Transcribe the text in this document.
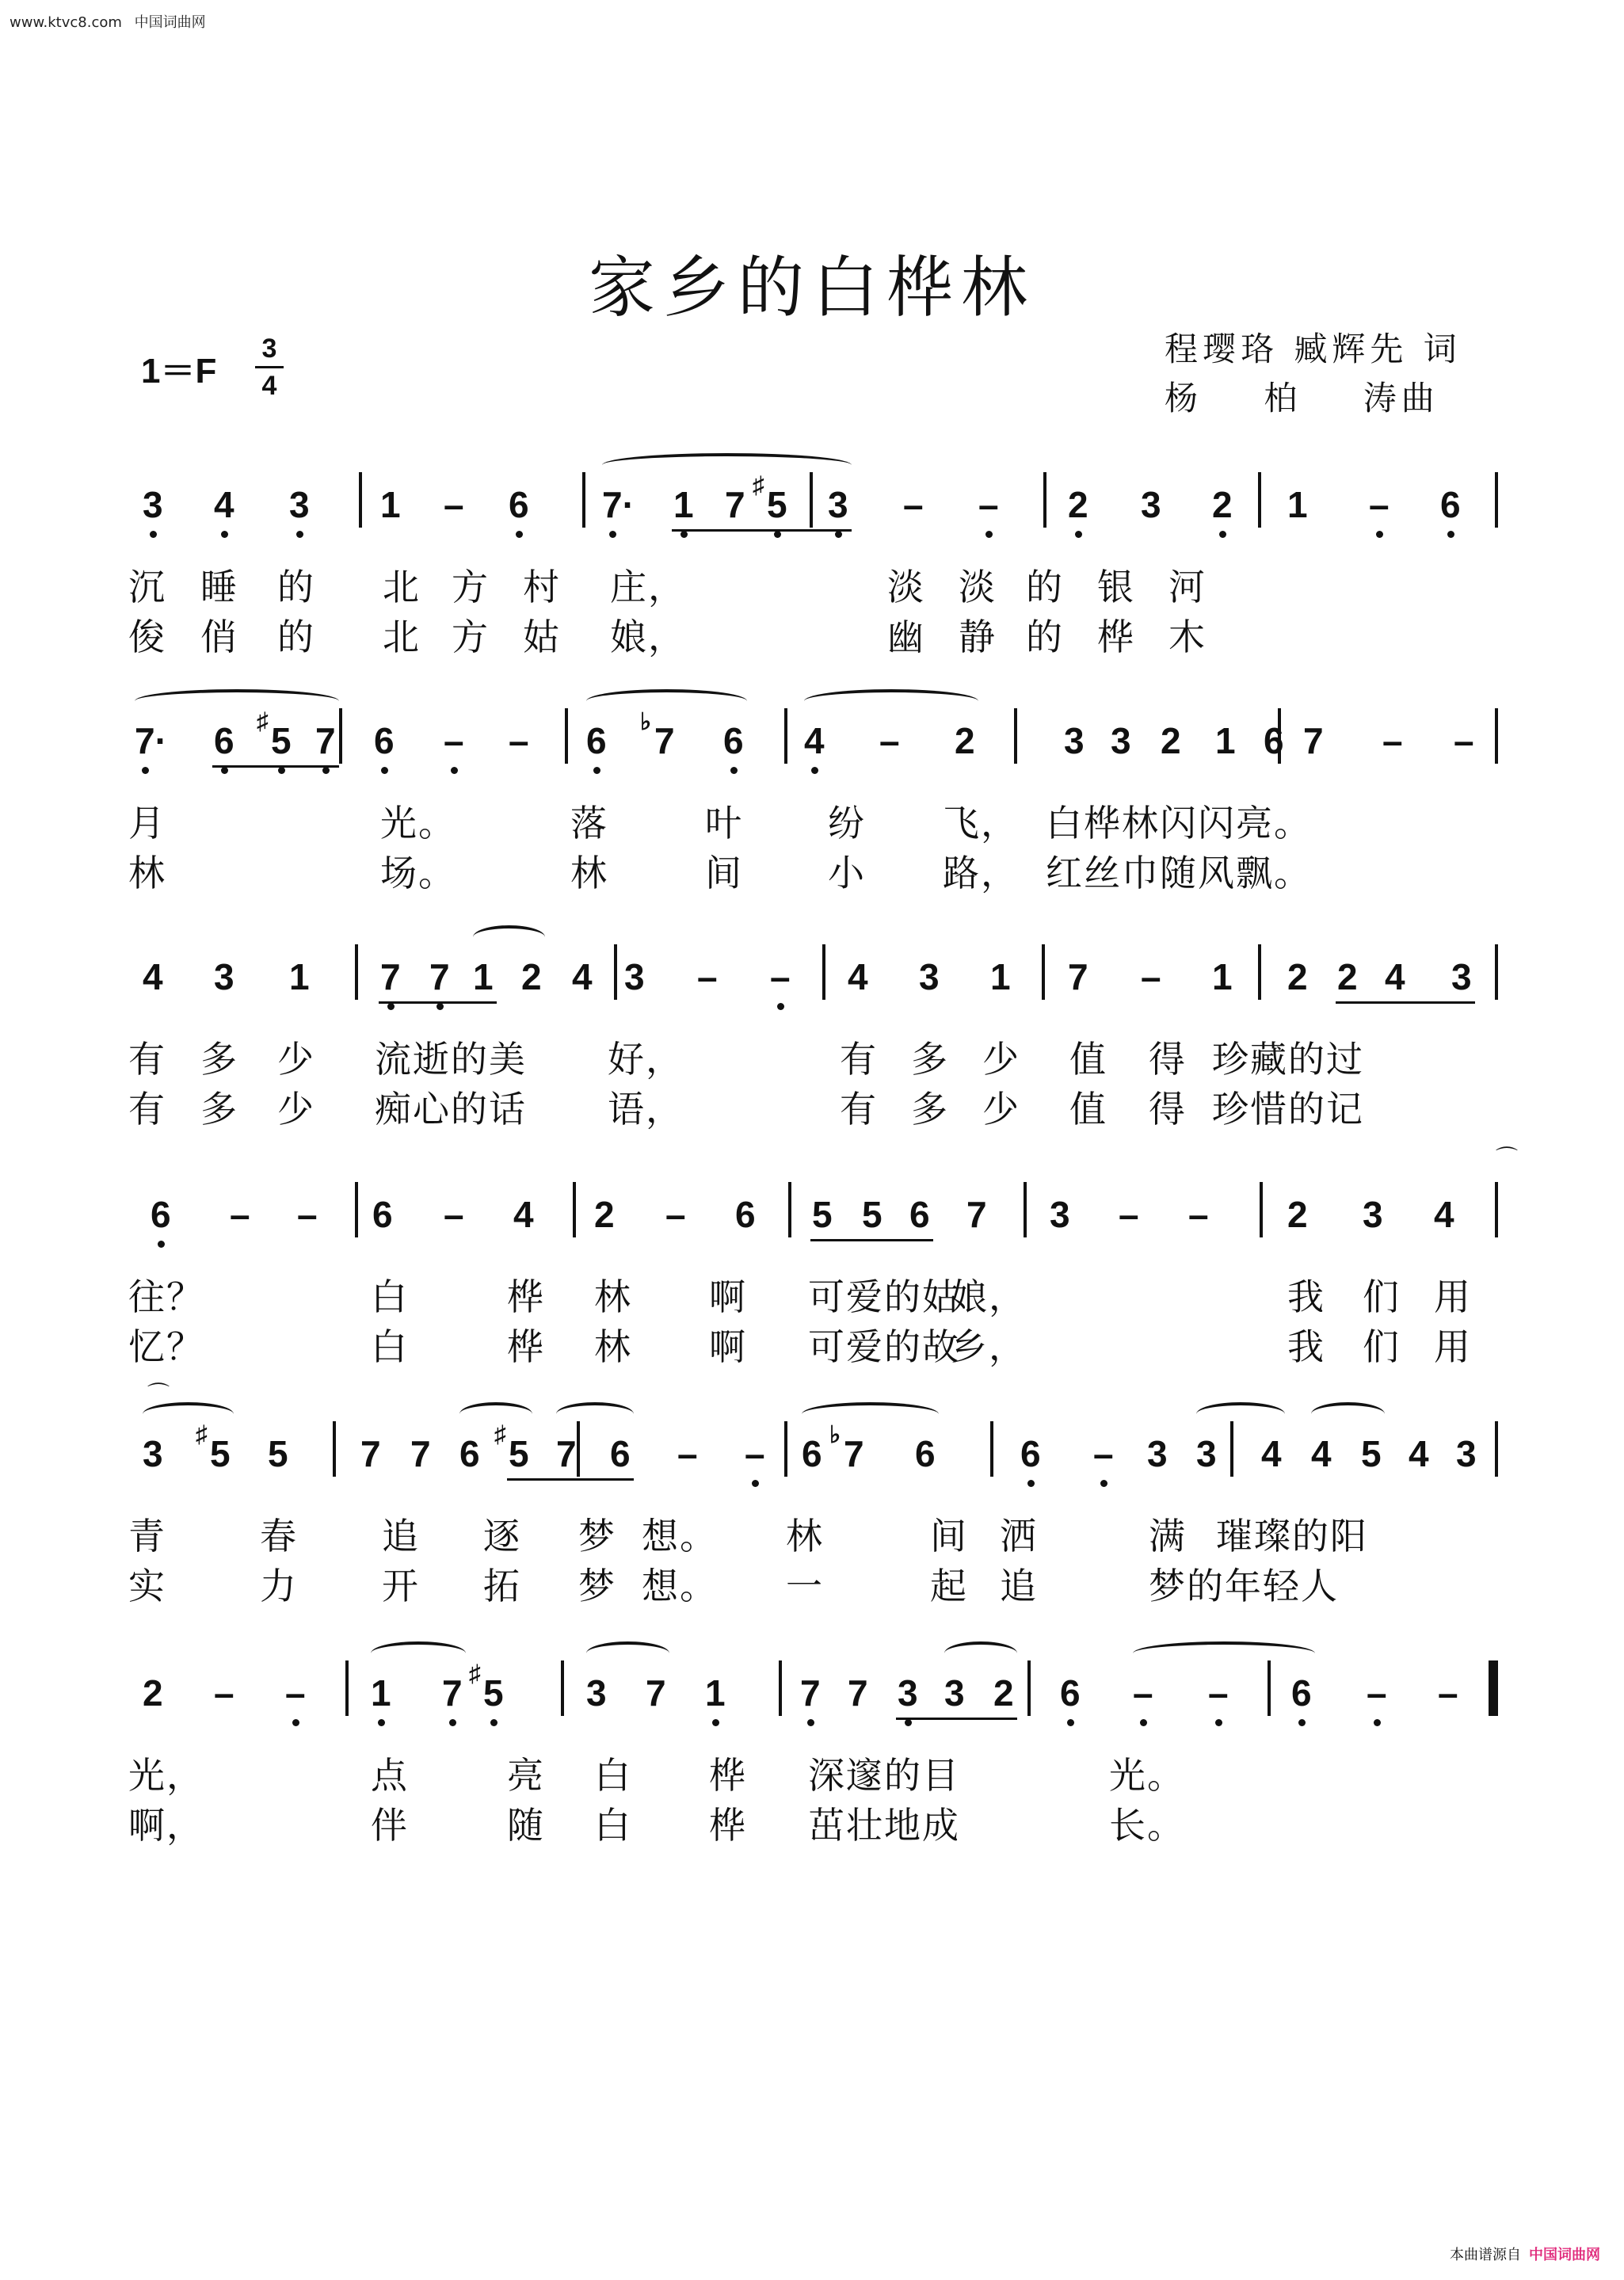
www.ktvc8.com 中国词曲网
家乡的白桦林
1＝F
3
4
程璎珞 臧辉先 词
杨    柏    涛曲
3 4 3 1 – 6 7· 1 7 ♯ 5 3 – – 2 3 2 1 – 6
沉 睡 的 北 方 村 庄，	淡 淡 的 银 河
俊 俏 的 北 方 姑 娘，	幽 静 的 桦 木
7· 6 ♯ 5 7 6 – – 6 ♭ 7 6 4 – 2 3 3 2 1 6 7 – –
月	光。	落	叶 纷 飞， 白桦林闪闪亮。
林	场。	林	间 小 路， 红丝巾随风飘。
4 3 1 7 7 1 2 4 3 – – 4 3 1 7 – 1 2 2 4 3
有 多 少 流逝的美 好，	有 多 少 值 得 珍藏的过
有 多 少 痴心的话 语，	有 多 少 值 得 珍惜的记
6 – – 6 – 4 2 – 6 5 5 6 7 3 – – 2 3 4
往？	白	桦 林 啊 可爱的姑
娘，	我 们 用
忆？	白	桦 林 啊 可爱的故
乡，	我 们 用
3 ♯ 5 5 7 7 6 ♯ 5 7 6 – – 6 ♭ 7 6 6 – 3 3 4 4 5 4 3
青	春 追 逐 梦 想。 林	间 洒	满 璀璨的阳
实	力 开 拓 梦 想。 一	起 追	梦的年轻人
2 – – 1 7 ♯ 5 3 7 1 7 7 3 3 2 6 – – 6 – –
光，	点	亮 白 桦 深邃的目	光。
啊，	伴	随 白 桦 茁壮地成	长。
本曲谱源自 中国词曲网
⌒
⌒
